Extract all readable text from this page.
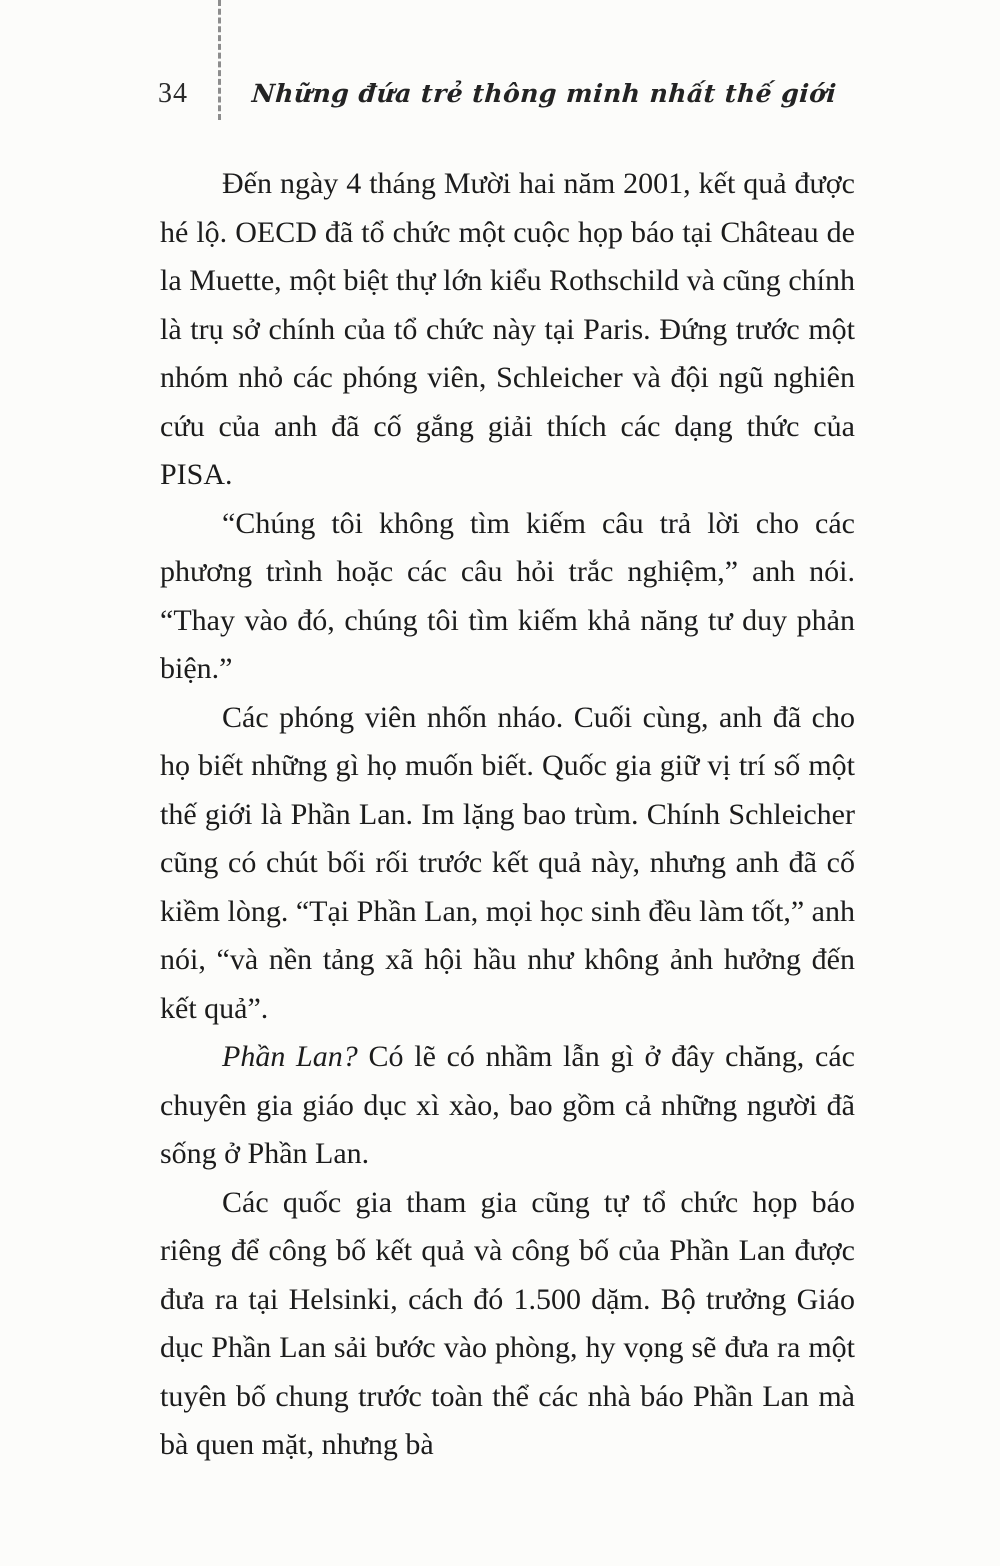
34	Những đứa trẻ thông minh nhất thế giới

Đến ngày 4 tháng Mười hai năm 2001, kết quả được hé lộ. OECD đã tổ chức một cuộc họp báo tại Château de la Muette, một biệt thự lớn kiểu Rothschild và cũng chính là trụ sở chính của tổ chức này tại Paris. Đứng trước một nhóm nhỏ các phóng viên, Schleicher và đội ngũ nghiên cứu của anh đã cố gắng giải thích các dạng thức của PISA.

“Chúng tôi không tìm kiếm câu trả lời cho các phương trình hoặc các câu hỏi trắc nghiệm,” anh nói. “Thay vào đó, chúng tôi tìm kiếm khả năng tư duy phản biện.”

Các phóng viên nhốn nháo. Cuối cùng, anh đã cho họ biết những gì họ muốn biết. Quốc gia giữ vị trí số một thế giới là Phần Lan. Im lặng bao trùm. Chính Schleicher cũng có chút bối rối trước kết quả này, nhưng anh đã cố kiềm lòng. “Tại Phần Lan, mọi học sinh đều làm tốt,” anh nói, “và nền tảng xã hội hầu như không ảnh hưởng đến kết quả”.

Phần Lan? Có lẽ có nhầm lẫn gì ở đây chăng, các chuyên gia giáo dục xì xào, bao gồm cả những người đã sống ở Phần Lan.

Các quốc gia tham gia cũng tự tổ chức họp báo riêng để công bố kết quả và công bố của Phần Lan được đưa ra tại Helsinki, cách đó 1.500 dặm. Bộ trưởng Giáo dục Phần Lan sải bước vào phòng, hy vọng sẽ đưa ra một tuyên bố chung trước toàn thể các nhà báo Phần Lan mà bà quen mặt, nhưng bà
